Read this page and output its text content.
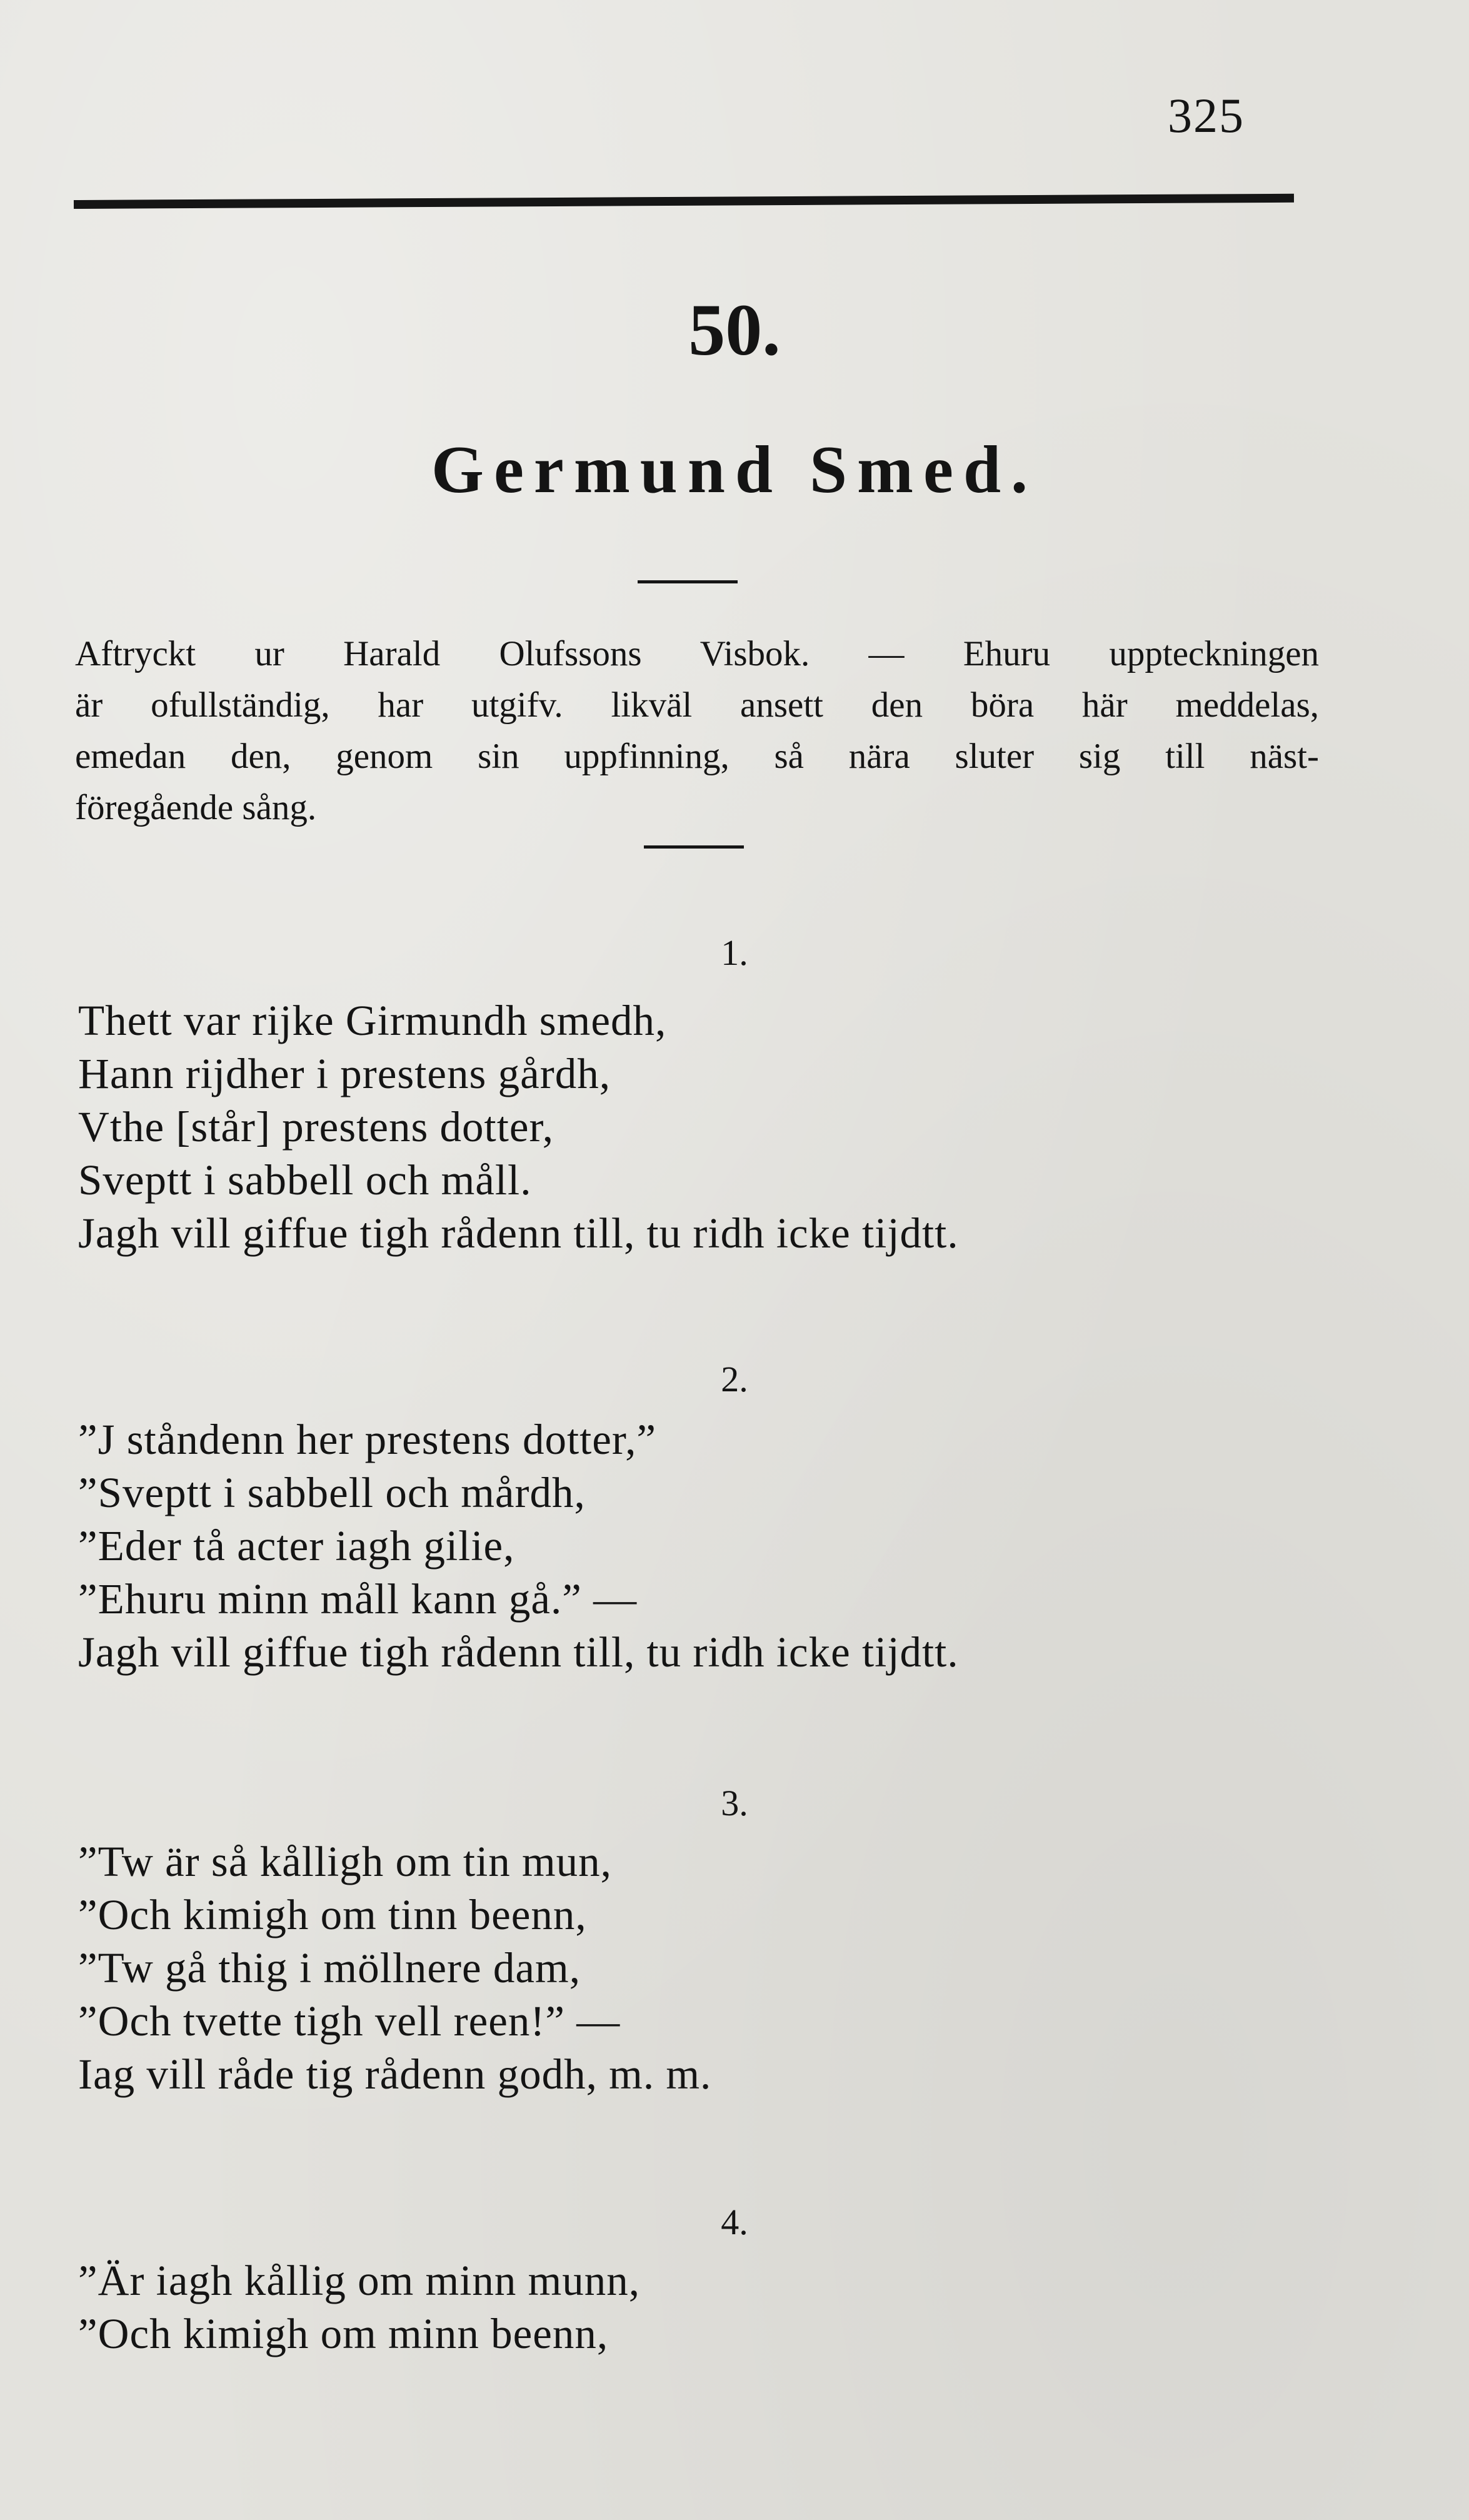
325
50.
Germund Smed.
Aftryckt ur Harald Olufssons Visbok. — Ehuru uppteckningen
är ofullständig, har utgifv. likväl ansett den böra här meddelas,
emedan den, genom sin uppfinning, så nära sluter sig till näst-
föregående sång.
1.
Thett var rijke Girmundh smedh,
Hann rijdher i prestens gårdh,
Vthe [står] prestens dotter,
Sveptt i sabbell och måll.
Jagh vill giffue tigh rådenn till, tu ridh icke tijdtt.
2.
”J ståndenn her prestens dotter,”
”Sveptt i sabbell och mårdh,
”Eder tå acter iagh gilie,
”Ehuru minn måll kann gå.” —
Jagh vill giffue tigh rådenn till, tu ridh icke tijdtt.
3.
”Tw är så kålligh om tin mun,
”Och kimigh om tinn beenn,
”Tw gå thig i möllnere dam,
”Och tvette tigh vell reen!” —
Iag vill råde tig rådenn godh, m. m.
4.
”Är iagh kållig om minn munn,
”Och kimigh om minn beenn,
